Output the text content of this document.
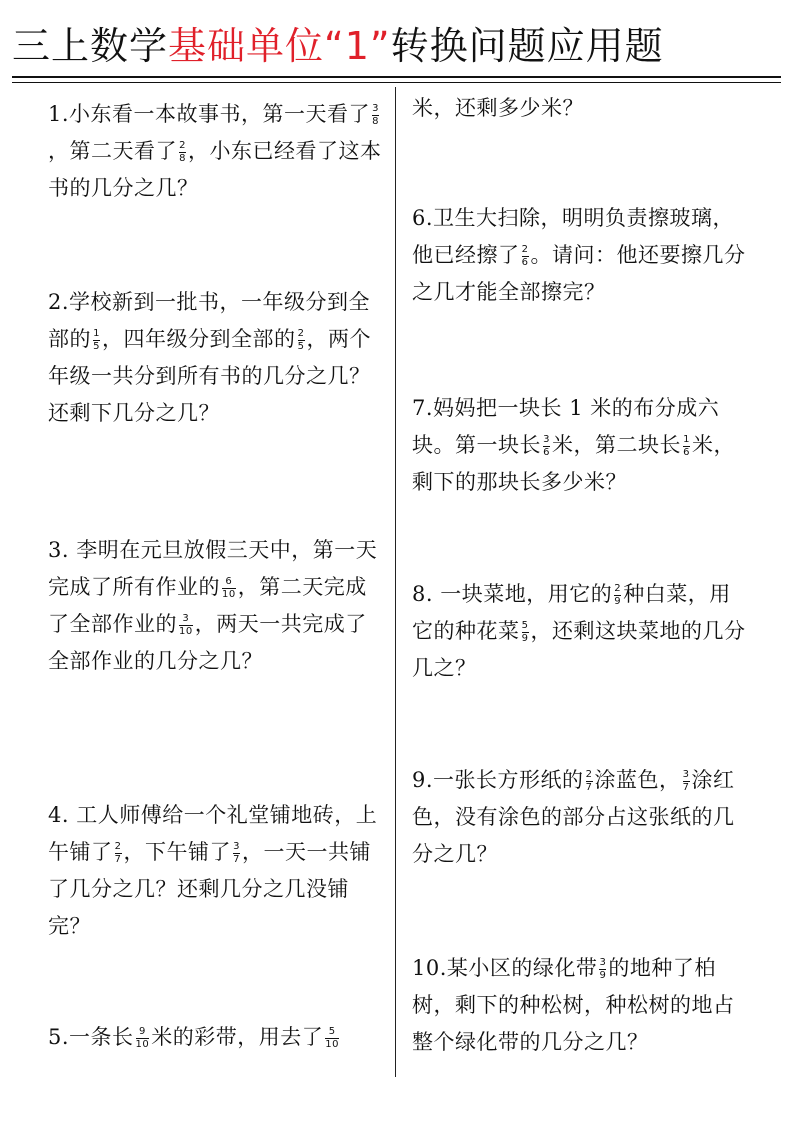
三上数学基础单位“1”转换问题应用题
1.小东看一本故事书，第一天看了 $\frac{3}{8}$
，第二天看了 $\frac{2}{8}$ ，小东已经看了这本书的几分之几？
2.学校新到一批书，一年级分到全部的 $\frac{1}{5}$ ，四年级分到全部的 $\frac{2}{5}$ ，两个年级一共分到所有书的几分之几？还剩下几分之几？
3. 李明在元旦放假三天中，第一天完成了所有作业的 $\frac{6}{10}$ ，第二天完成了全部作业的 $\frac{3}{10}$ ，两天一共完成了全部作业的几分之几？
4. 工人师傅给一个礼堂铺地砖，上午铺了 $\frac{2}{7}$ ，下午铺了 $\frac{3}{7}$ ，一天一共铺了几分之几？还剩几分之几没铺完？
5.一条长 $\frac{9}{10}$ 米的彩带，用去了 $\frac{5}{10}$
米，还剩多少米？
6.卫生大扫除，明明负责擦玻璃，他已经擦了 $\frac{2}{6}$ 。请问：他还要擦几分之几才能全部擦完？
7.妈妈把一块长 1 米的布分成六块。第一块长 $\frac{3}{6}$ 米，第二块长 $\frac{1}{6}$ 米，剩下的那块长多少米？
8. 一块菜地，用它的 $\frac{2}{9}$ 种白菜，用它的种花菜 $\frac{5}{9}$ ，还剩这块菜地的几分几之？
9.一张长方形纸的 $\frac{2}{7}$ 涂蓝色， $\frac{3}{7}$ 涂红色，没有涂色的部分占这张纸的几分之几？
10.某小区的绿化带 $\frac{3}{9}$ 的地种了柏树，剩下的种松树，种松树的地占整个绿化带的几分之几？
